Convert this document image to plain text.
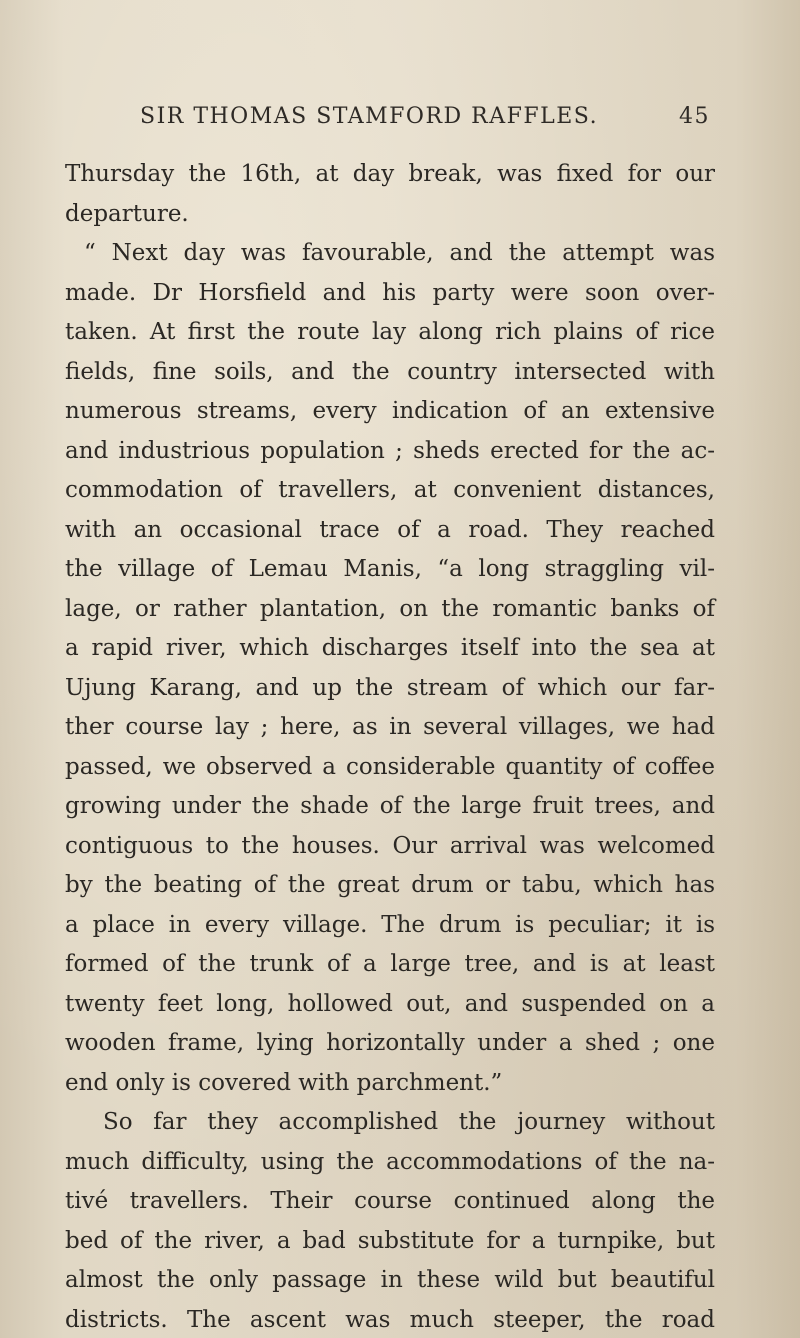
SIR THOMAS STAMFORD RAFFLES.	45
Thursday the 16th, at day break, was fixed for our
departure.
“ Next day was favourable, and the attempt was
made. Dr Horsfield and his party were soon over-
taken. At first the route lay along rich plains of rice
fields, fine soils, and the country intersected with
numerous streams, every indication of an extensive
and industrious population ; sheds erected for the ac-
commodation of travellers, at convenient distances,
with an occasional trace of a road. They reached
the village of Lemau Manis, “a long straggling vil-
lage, or rather plantation, on the romantic banks of
a rapid river, which discharges itself into the sea at
Ujung Karang, and up the stream of which our far-
ther course lay ; here, as in several villages, we had
passed, we observed a considerable quantity of coffee
growing under the shade of the large fruit trees, and
contiguous to the houses. Our arrival was welcomed
by the beating of the great drum or tabu, which has
a place in every village. The drum is peculiar; it is
formed of the trunk of a large tree, and is at least
twenty feet long, hollowed out, and suspended on a
wooden frame, lying horizontally under a shed ; one
end only is covered with parchment.”
So far they accomplished the journey without
much difficulty, using the accommodations of the na-
tivé travellers. Their course continued along the
bed of the river, a bad substitute for a turnpike, but
almost the only passage in these wild but beautiful
districts. The ascent was much steeper, the road
